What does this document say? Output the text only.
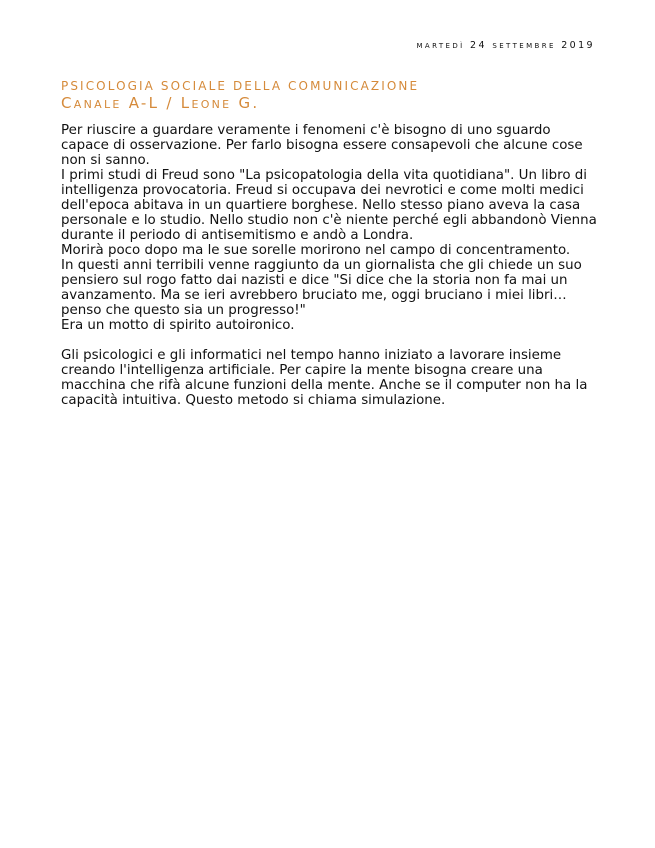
martedì 24 settembre 2019
PSICOLOGIA SOCIALE DELLA COMUNICAZIONE
Canale A-L / Leone G.

Per riuscire a guardare veramente i fenomeni c'è bisogno di uno sguardo capace di osservazione. Per farlo bisogna essere consapevoli che alcune cose non si sanno.

I primi studi di Freud sono "La psicopatologia della vita quotidiana". Un libro di intelligenza provocatoria. Freud si occupava dei nevrotici e come molti medici dell'epoca abitava in un quartiere borghese. Nello stesso piano aveva la casa personale e lo studio. Nello studio non c'è niente perché egli abbandonò Vienna durante il periodo di antisemitismo e andò a Londra.

Morirà poco dopo ma le sue sorelle morirono nel campo di concentramento.

In questi anni terribili venne raggiunto da un giornalista che gli chiede un suo pensiero sul rogo fatto dai nazisti e dice "Si dice che la storia non fa mai un avanzamento. Ma se ieri avrebbero bruciato me, oggi bruciano i miei libri… penso che questo sia un progresso!"

Era un motto di spirito autoironico.

Gli psicologici e gli informatici nel tempo hanno iniziato a lavorare insieme creando l'intelligenza artificiale. Per capire la mente bisogna creare una macchina che rifà alcune funzioni della mente. Anche se il computer non ha la capacità intuitiva. Questo metodo si chiama simulazione.
